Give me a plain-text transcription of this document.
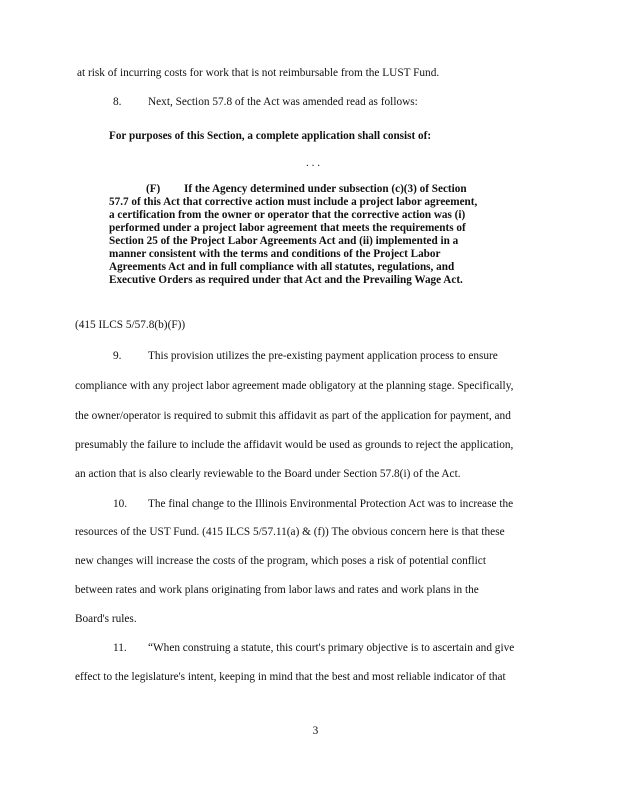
at risk of incurring costs for work that is not reimbursable from the LUST Fund.
8. Next, Section 57.8 of the Act was amended read as follows:
For purposes of this Section, a complete application shall consist of:
. . .
(F) If the Agency determined under subsection (c)(3) of Section
57.7 of this Act that corrective action must include a project labor agreement,
a certification from the owner or operator that the corrective action was (i)
performed under a project labor agreement that meets the requirements of
Section 25 of the Project Labor Agreements Act and (ii) implemented in a
manner consistent with the terms and conditions of the Project Labor
Agreements Act and in full compliance with all statutes, regulations, and
Executive Orders as required under that Act and the Prevailing Wage Act.
(415 ILCS 5/57.8(b)(F))
9. This provision utilizes the pre-existing payment application process to ensure
compliance with any project labor agreement made obligatory at the planning stage. Specifically,
the owner/operator is required to submit this affidavit as part of the application for payment, and
presumably the failure to include the affidavit would be used as grounds to reject the application,
an action that is also clearly reviewable to the Board under Section 57.8(i) of the Act.
10. The final change to the Illinois Environmental Protection Act was to increase the
resources of the UST Fund. (415 ILCS 5/57.11(a) & (f)) The obvious concern here is that these
new changes will increase the costs of the program, which poses a risk of potential conflict
between rates and work plans originating from labor laws and rates and work plans in the
Board's rules.
11. “When construing a statute, this court's primary objective is to ascertain and give
effect to the legislature's intent, keeping in mind that the best and most reliable indicator of that
3
